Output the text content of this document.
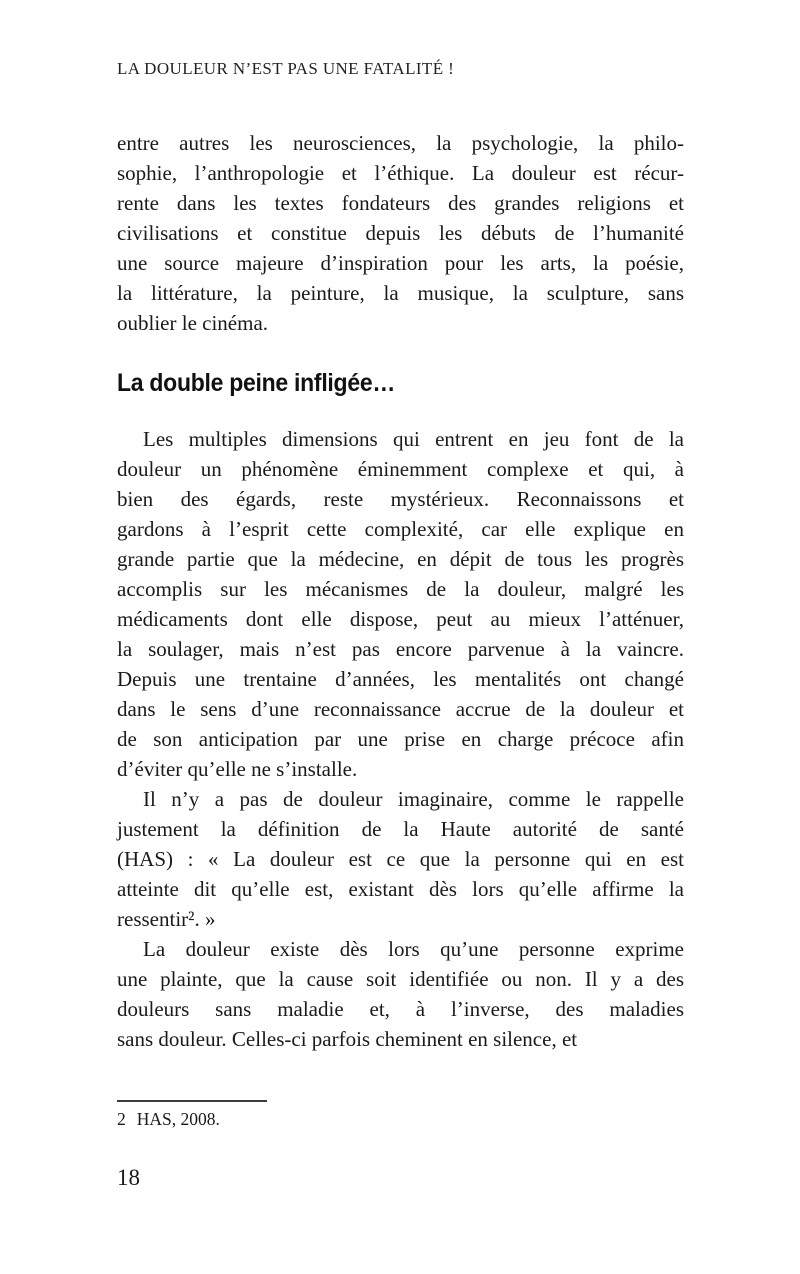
LA DOULEUR N’EST PAS UNE FATALITÉ !
entre autres les neurosciences, la psychologie, la philo-
sophie, l’anthropologie et l’éthique. La douleur est récur-
rente dans les textes fondateurs des grandes religions et
civilisations et constitue depuis les débuts de l’humanité
une source majeure d’inspiration pour les arts, la poésie,
la littérature, la peinture, la musique, la sculpture, sans
oublier le cinéma.
La double peine infligée…
Les multiples dimensions qui entrent en jeu font de la
douleur un phénomène éminemment complexe et qui, à
bien des égards, reste mystérieux. Reconnaissons et
gardons à l’esprit cette complexité, car elle explique en
grande partie que la médecine, en dépit de tous les progrès
accomplis sur les mécanismes de la douleur, malgré les
médicaments dont elle dispose, peut au mieux l’atténuer,
la soulager, mais n’est pas encore parvenue à la vaincre.
Depuis une trentaine d’années, les mentalités ont changé
dans le sens d’une reconnaissance accrue de la douleur et
de son anticipation par une prise en charge précoce afin
d’éviter qu’elle ne s’installe.
Il n’y a pas de douleur imaginaire, comme le rappelle
justement la définition de la Haute autorité de santé
(HAS) : « La douleur est ce que la personne qui en est
atteinte dit qu’elle est, existant dès lors qu’elle affirme la
ressentir². »
La douleur existe dès lors qu’une personne exprime
une plainte, que la cause soit identifiée ou non. Il y a des
douleurs sans maladie et, à l’inverse, des maladies
sans douleur. Celles-ci parfois cheminent en silence, et
2 HAS, 2008.
18
